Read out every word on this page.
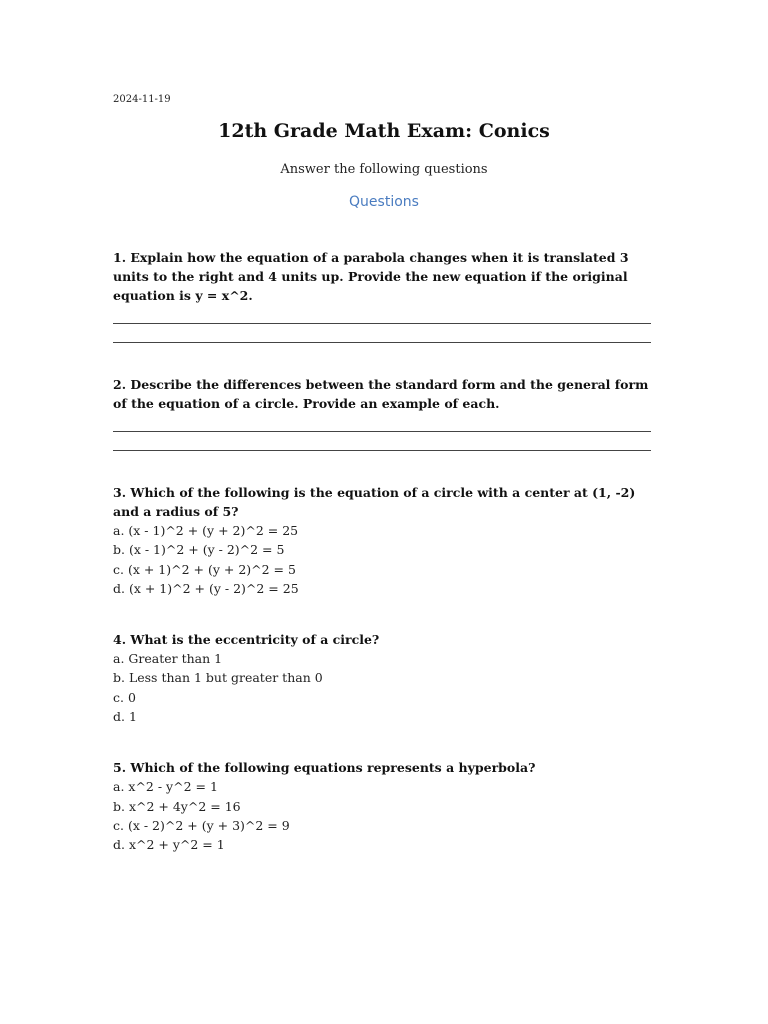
2024-11-19
12th Grade Math Exam: Conics
Answer the following questions
Questions
1. Explain how the equation of a parabola changes when it is translated 3 units to the right and 4 units up. Provide the new equation if the original equation is y = x^2.
2. Describe the differences between the standard form and the general form of the equation of a circle. Provide an example of each.
3. Which of the following is the equation of a circle with a center at (1, -2) and a radius of 5?
a. (x - 1)^2 + (y + 2)^2 = 25
b. (x - 1)^2 + (y - 2)^2 = 5
c. (x + 1)^2 + (y + 2)^2 = 5
d. (x + 1)^2 + (y - 2)^2 = 25
4. What is the eccentricity of a circle?
a. Greater than 1
b. Less than 1 but greater than 0
c. 0
d. 1
5. Which of the following equations represents a hyperbola?
a. x^2 - y^2 = 1
b. x^2 + 4y^2 = 16
c. (x - 2)^2 + (y + 3)^2 = 9
d. x^2 + y^2 = 1
